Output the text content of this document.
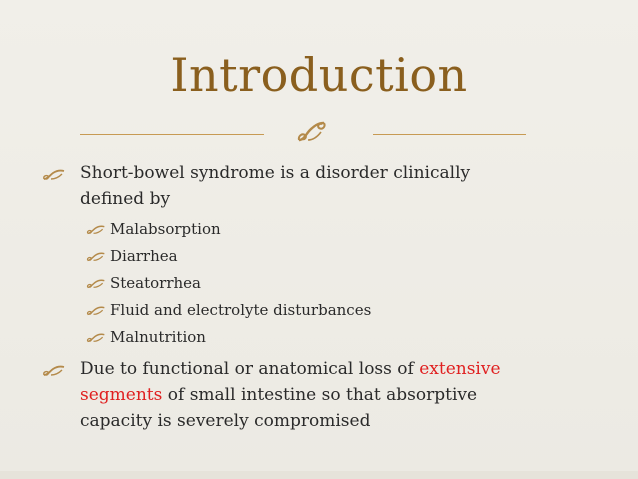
Introduction
Short-bowel syndrome is a disorder clinically
defined by
Malabsorption
Diarrhea
Steatorrhea
Fluid and electrolyte disturbances
Malnutrition
Due to functional or anatomical loss of extensive
segments of small intestine so that absorptive
capacity is severely compromised
